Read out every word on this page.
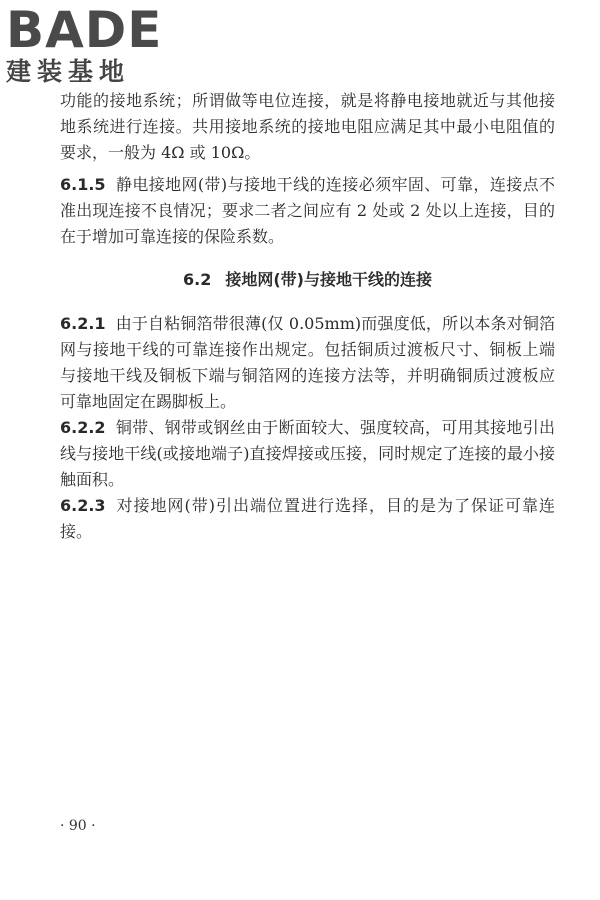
BADE
建装基地

功能的接地系统；所谓做等电位连接，就是将静电接地就近与其他接地系统进行连接。共用接地系统的接地电阻应满足其中最小电阻值的要求，一般为 4Ω 或 10Ω。

6.1.5 静电接地网(带)与接地干线的连接必须牢固、可靠，连接点不准出现连接不良情况；要求二者之间应有 2 处或 2 处以上连接，目的在于增加可靠连接的保险系数。

6.2 接地网(带)与接地干线的连接

6.2.1 由于自粘铜箔带很薄(仅 0.05mm)而强度低，所以本条对铜箔网与接地干线的可靠连接作出规定。包括铜质过渡板尺寸、铜板上端与接地干线及铜板下端与铜箔网的连接方法等，并明确铜质过渡板应可靠地固定在踢脚板上。

6.2.2 铜带、钢带或钢丝由于断面较大、强度较高，可用其接地引出线与接地干线(或接地端子)直接焊接或压接，同时规定了连接的最小接触面积。

6.2.3 对接地网(带)引出端位置进行选择，目的是为了保证可靠连接。

· 90 ·
